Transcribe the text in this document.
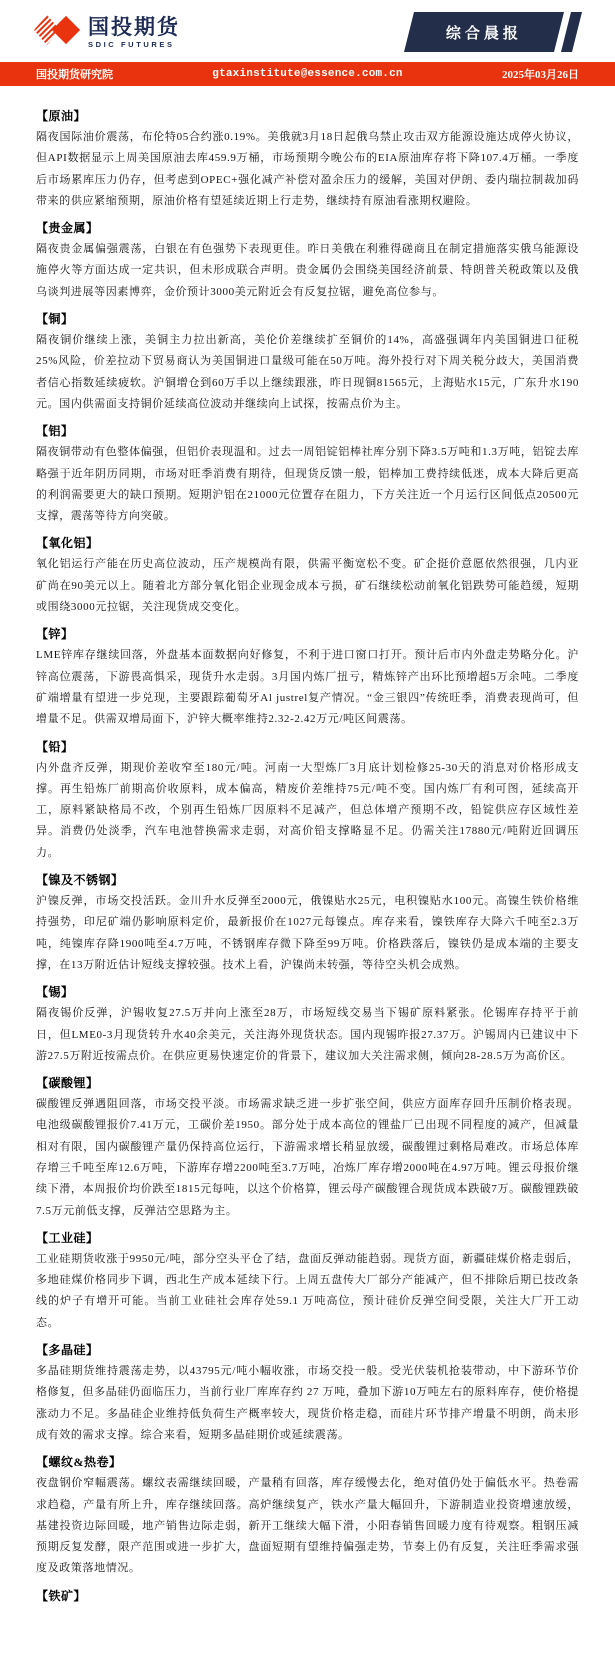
国投期货
SDIC FUTURES
综合晨报
国投期货研究院	gtaxinstitute@essence.com.cn	2025年03月26日
【原油】
隔夜国际油价震荡，布伦特05合约涨0.19%。美俄就3月18日起俄乌禁止攻击双方能源设施达成停火协议，但API数据显示上周美国原油去库459.9万桶，市场预期今晚公布的EIA原油库存将下降107.4万桶。一季度后市场累库压力仍存，但考虑到OPEC+强化减产补偿对盈余压力的缓解，美国对伊朗、委内瑞拉制裁加码带来的供应紧缩预期，原油价格有望延续近期上行走势，继续持有原油看涨期权避险。
【贵金属】
隔夜贵金属偏强震荡，白银在有色强势下表现更佳。昨日美俄在利雅得磋商且在制定措施落实俄乌能源设施停火等方面达成一定共识，但未形成联合声明。贵金属仍会围绕美国经济前景、特朗普关税政策以及俄乌谈判进展等因素博弈，金价预计3000美元附近会有反复拉锯，避免高位参与。
【铜】
隔夜铜价继续上涨，美铜主力拉出新高，美伦价差继续扩至铜价的14%，高盛强调年内美国铜进口征税25%风险，价差拉动下贸易商认为美国铜进口量级可能在50万吨。海外投行对下周关税分歧大，美国消费者信心指数延续疲软。沪铜增仓到60万手以上继续跟涨，昨日现铜81565元，上海贴水15元，广东升水190元。国内供需面支持铜价延续高位波动并继续向上试探，按需点价为主。
【铝】
隔夜铜带动有色整体偏强，但铝价表现温和。过去一周铝锭铝棒社库分别下降3.5万吨和1.3万吨，铝锭去库略强于近年阴历同期，市场对旺季消费有期待，但现货反馈一般，铝棒加工费持续低迷，成本大降后更高的利润需要更大的缺口预期。短期沪铝在21000元位置存在阻力，下方关注近一个月运行区间低点20500元支撑，震荡等待方向突破。
【氧化铝】
氧化铝运行产能在历史高位波动，压产规模尚有限，供需平衡宽松不变。矿企挺价意愿依然很强，几内亚矿尚在90美元以上。随着北方部分氧化铝企业现金成本亏损，矿石继续松动前氧化铝跌势可能趋缓，短期或围绕3000元拉锯，关注现货成交变化。
【锌】
LME锌库存继续回落，外盘基本面数据向好修复，不利于进口窗口打开。预计后市内外盘走势略分化。沪锌高位震荡，下游畏高惧采，现货升水走弱。3月国内炼厂扭亏，精炼锌产出环比预增超5万余吨。二季度矿端增量有望进一步兑现，主要跟踪葡萄牙Al justrel复产情况。“金三银四”传统旺季，消费表现尚可，但增量不足。供需双增局面下，沪锌大概率维持2.32-2.42万元/吨区间震荡。
【铅】
内外盘齐反弹，期现价差收窄至180元/吨。河南一大型炼厂3月底计划检修25-30天的消息对价格形成支撑。再生铅炼厂前期高价收原料，成本偏高，精废价差维持75元/吨不变。国内炼厂有利可图，延续高开工，原料紧缺格局不改，个别再生铅炼厂因原料不足减产，但总体增产预期不改，铅锭供应存区域性差异。消费仍处淡季，汽车电池替换需求走弱，对高价铅支撑略显不足。仍需关注17880元/吨附近回调压力。
【镍及不锈钢】
沪镍反弹，市场交投活跃。金川升水反弹至2000元，俄镍贴水25元，电积镍贴水100元。高镍生铁价格维持强势，印尼矿端仍影响原料定价，最新报价在1027元每镍点。库存来看，镍铁库存大降六千吨至2.3万吨，纯镍库存降1900吨至4.7万吨，不锈钢库存微下降至99万吨。价格跌落后，镍铁仍是成本端的主要支撑，在13万附近估计短线支撑较强。技术上看，沪镍尚未转强，等待空头机会成熟。
【锡】
隔夜锡价反弹，沪锡收复27.5万并向上涨至28万，市场短线交易当下锡矿原料紧张。伦锡库存持平于前日，但LME0-3月现货转升水40余美元，关注海外现货状态。国内现锡昨报27.37万。沪锡周内已建议中下游27.5万附近按需点价。在供应更易快速定价的背景下，建议加大关注需求侧，倾向28-28.5万为高价区。
【碳酸锂】
碳酸锂反弹遇阻回落，市场交投平淡。市场需求缺乏进一步扩张空间，供应方面库存回升压制价格表现。电池级碳酸锂报价7.41万元，工碳价差1950。部分处于成本高位的锂盐厂已出现不同程度的减产，但减量相对有限，国内碳酸锂产量仍保持高位运行，下游需求增长稍显放缓，碳酸锂过剩格局难改。市场总体库存增三千吨至库12.6万吨，下游库存增2200吨至3.7万吨，冶炼厂库存增2000吨在4.97万吨。锂云母报价继续下滑，本周报价均价跌至1815元每吨，以这个价格算，锂云母产碳酸锂合现货成本跌破7万。碳酸锂跌破7.5万元前低支撑，反弹沽空思路为主。
【工业硅】
工业硅期货收涨于9950元/吨，部分空头平仓了结，盘面反弹动能趋弱。现货方面，新疆硅煤价格走弱后，多地硅煤价格同步下调，西北生产成本延续下行。上周五盘传大厂部分产能减产，但不排除后期已技改条线的炉子有增开可能。当前工业硅社会库存处59.1 万吨高位，预计硅价反弹空间受限，关注大厂开工动态。
【多晶硅】
多晶硅期货维持震荡走势，以43795元/吨小幅收涨，市场交投一般。受光伏装机抢装带动，中下游环节价格修复，但多晶硅仍面临压力，当前行业厂库库存约 27 万吨，叠加下游10万吨左右的原料库存，使价格提涨动力不足。多晶硅企业维持低负荷生产概率较大，现货价格走稳，而硅片环节排产增量不明朗，尚未形成有效的需求支撑。综合来看，短期多晶硅期价或延续震荡。
【螺纹&热卷】
夜盘钢价窄幅震荡。螺纹表需继续回暖，产量稍有回落，库存缓慢去化，绝对值仍处于偏低水平。热卷需求趋稳，产量有所上升，库存继续回落。高炉继续复产，铁水产量大幅回升，下游制造业投资增速放缓，基建投资边际回暖，地产销售边际走弱，新开工继续大幅下滑，小阳春销售回暖力度有待观察。粗钢压减预期反复发酵，限产范围或进一步扩大，盘面短期有望维持偏强走势，节奏上仍有反复，关注旺季需求强度及政策落地情况。
【铁矿】
